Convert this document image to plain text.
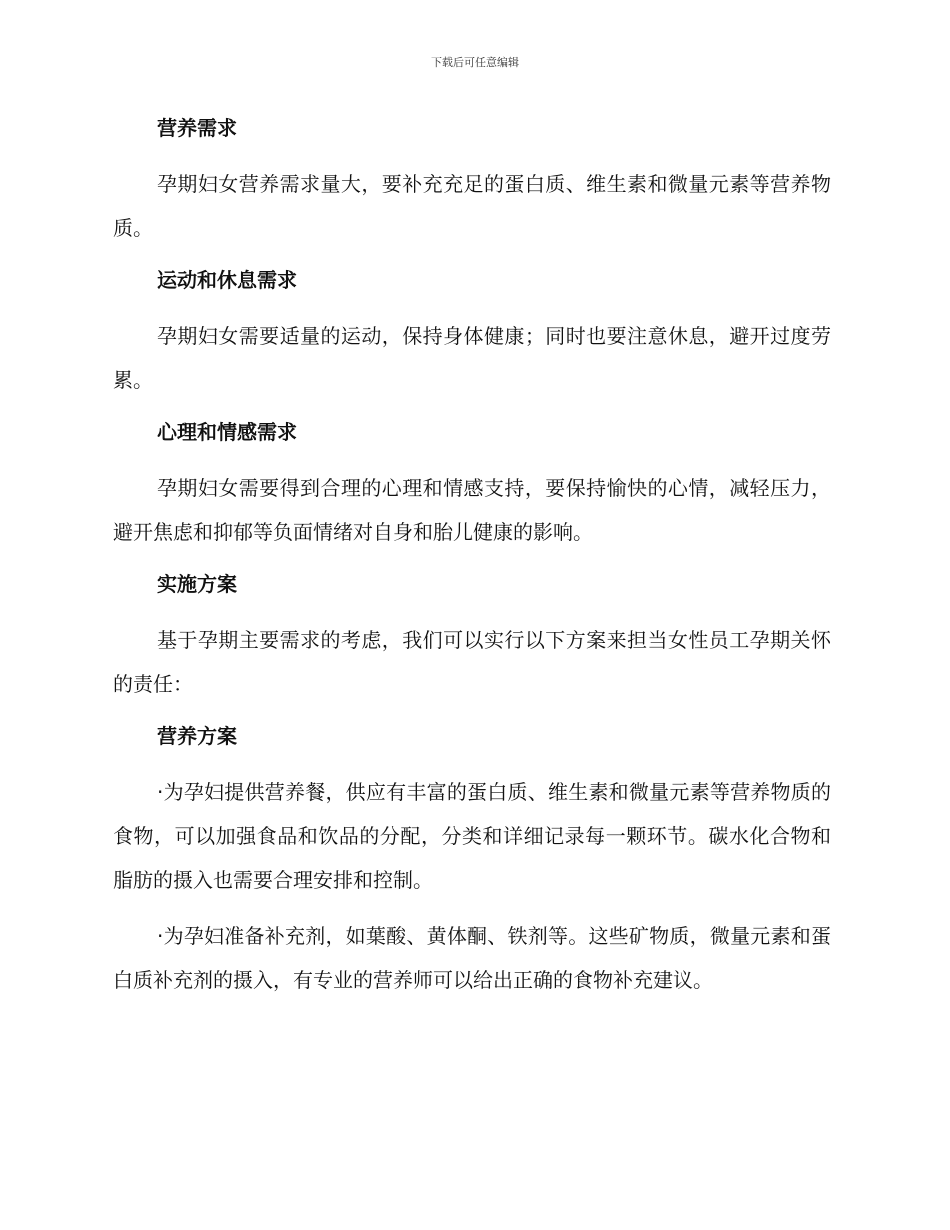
下载后可任意编辑
营养需求
孕期妇女营养需求量大，要补充充足的蛋白质、维生素和微量元素等营养物质。
运动和休息需求
孕期妇女需要适量的运动，保持身体健康；同时也要注意休息，避开过度劳累。
心理和情感需求
孕期妇女需要得到合理的心理和情感支持，要保持愉快的心情，减轻压力，避开焦虑和抑郁等负面情绪对自身和胎儿健康的影响。
实施方案
基于孕期主要需求的考虑，我们可以实行以下方案来担当女性员工孕期关怀的责任：
营养方案
·为孕妇提供营养餐，供应有丰富的蛋白质、维生素和微量元素等营养物质的食物，可以加强食品和饮品的分配，分类和详细记录每一颗环节。碳水化合物和脂肪的摄入也需要合理安排和控制。
·为孕妇准备补充剂，如葉酸、黄体酮、铁剂等。这些矿物质，微量元素和蛋白质补充剂的摄入，有专业的营养师可以给出正确的食物补充建议。
